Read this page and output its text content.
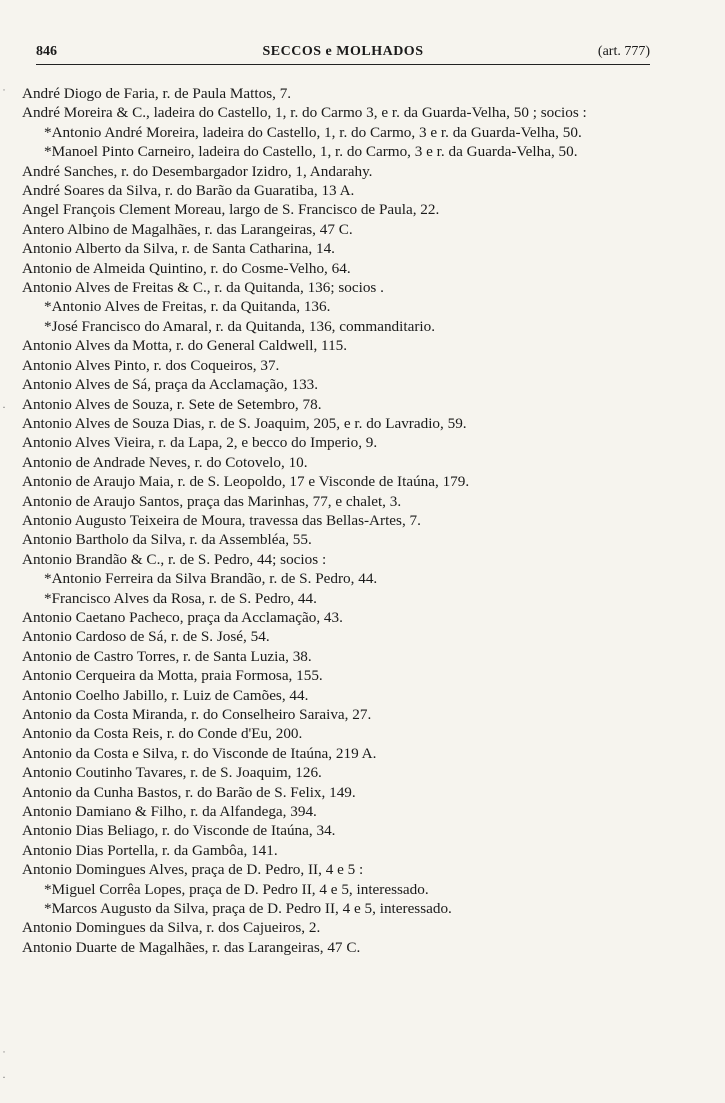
846	SECCOS e MOLHADOS	(art. 777)
˙
·
˙
·

André Diogo de Faria, r. de Paula Mattos, 7.

André Moreira & C., ladeira do Castello, 1, r. do Carmo 3, e r. da Guarda-Velha, 50 ; socios :

*Antonio André Moreira, ladeira do Castello, 1, r. do Carmo, 3 e r. da Guarda-Velha, 50.

*Manoel Pinto Carneiro, ladeira do Castello, 1, r. do Carmo, 3 e r. da Guarda-Velha, 50.

André Sanches, r. do Desembargador Izidro, 1, Andarahy.

André Soares da Silva, r. do Barão da Guaratiba, 13 A.

Angel François Clement Moreau, largo de S. Francisco de Paula, 22.

Antero Albino de Magalhães, r. das Larangeiras, 47 C.

Antonio Alberto da Silva, r. de Santa Catharina, 14.

Antonio de Almeida Quintino, r. do Cosme-Velho, 64.

Antonio Alves de Freitas & C., r. da Quitanda, 136; socios .

*Antonio Alves de Freitas, r. da Quitanda, 136.

*José Francisco do Amaral, r. da Quitanda, 136, commanditario.

Antonio Alves da Motta, r. do General Caldwell, 115.

Antonio Alves Pinto, r. dos Coqueiros, 37.

Antonio Alves de Sá, praça da Acclamação, 133.

Antonio Alves de Souza, r. Sete de Setembro, 78.

Antonio Alves de Souza Dias, r. de S. Joaquim, 205, e r. do Lavradio, 59.

Antonio Alves Vieira, r. da Lapa, 2, e becco do Imperio, 9.

Antonio de Andrade Neves, r. do Cotovelo, 10.

Antonio de Araujo Maia, r. de S. Leopoldo, 17 e Visconde de Itaúna, 179.

Antonio de Araujo Santos, praça das Marinhas, 77, e chalet, 3.

Antonio Augusto Teixeira de Moura, travessa das Bellas-Artes, 7.

Antonio Bartholo da Silva, r. da Assembléa, 55.

Antonio Brandão & C., r. de S. Pedro, 44; socios :

*Antonio Ferreira da Silva Brandão, r. de S. Pedro, 44.

*Francisco Alves da Rosa, r. de S. Pedro, 44.

Antonio Caetano Pacheco, praça da Acclamação, 43.

Antonio Cardoso de Sá, r. de S. José, 54.

Antonio de Castro Torres, r. de Santa Luzia, 38.

Antonio Cerqueira da Motta, praia Formosa, 155.

Antonio Coelho Jabillo, r. Luiz de Camões, 44.

Antonio da Costa Miranda, r. do Conselheiro Saraiva, 27.

Antonio da Costa Reis, r. do Conde d'Eu, 200.

Antonio da Costa e Silva, r. do Visconde de Itaúna, 219 A.

Antonio Coutinho Tavares, r. de S. Joaquim, 126.

Antonio da Cunha Bastos, r. do Barão de S. Felix, 149.

Antonio Damiano & Filho, r. da Alfandega, 394.

Antonio Dias Beliago, r. do Visconde de Itaúna, 34.

Antonio Dias Portella, r. da Gambôa, 141.

Antonio Domingues Alves, praça de D. Pedro, II, 4 e 5 :

*Miguel Corrêa Lopes, praça de D. Pedro II, 4 e 5, interessado.

*Marcos Augusto da Silva, praça de D. Pedro II, 4 e 5, interessado.

Antonio Domingues da Silva, r. dos Cajueiros, 2.

Antonio Duarte de Magalhães, r. das Larangeiras, 47 C.
